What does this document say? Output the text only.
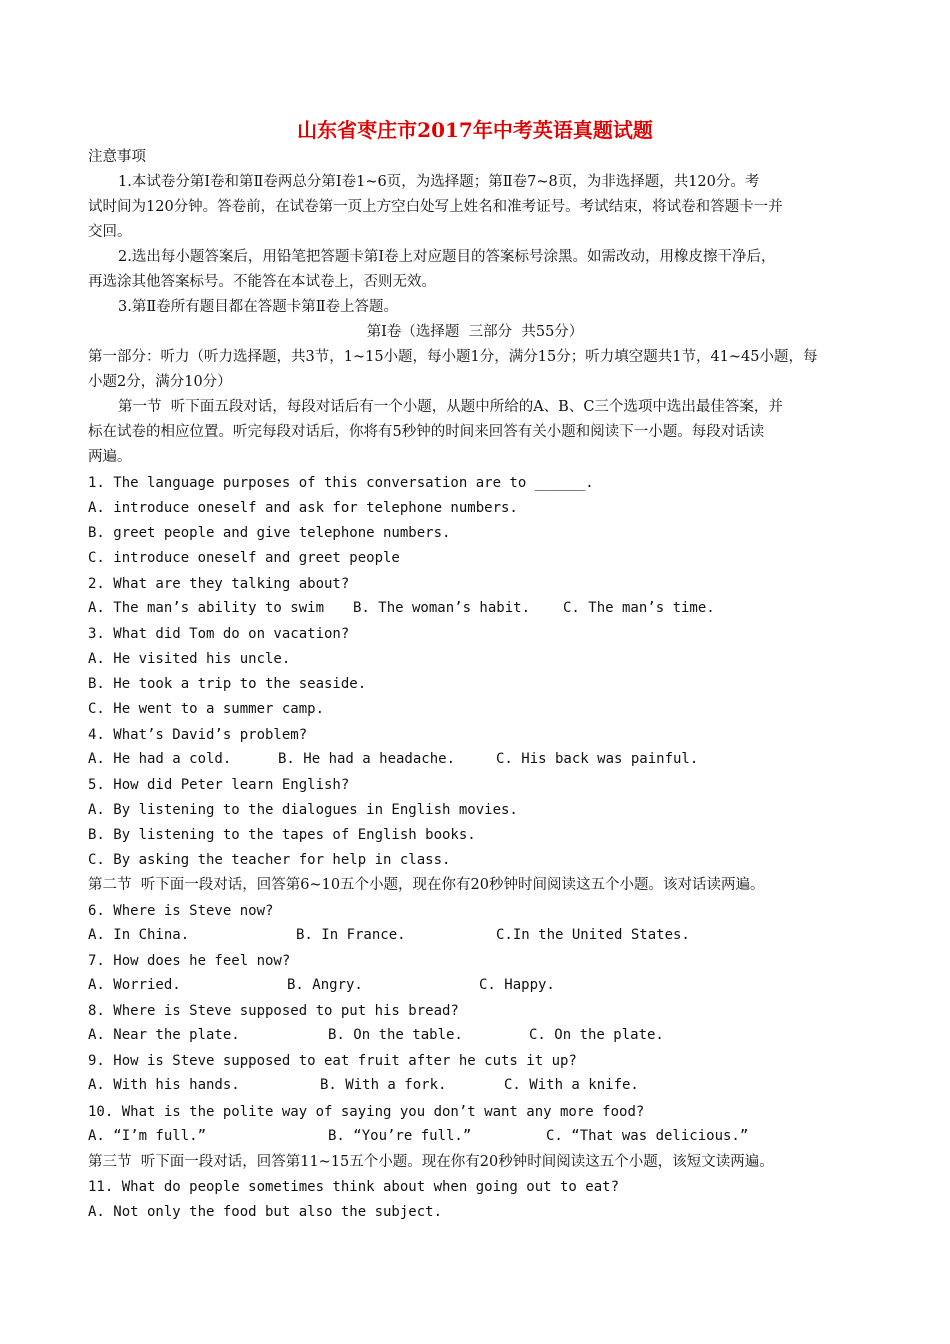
山东省枣庄市2017年中考英语真题试题
注意事项
1.本试卷分第Ⅰ卷和第Ⅱ卷两总分第Ⅰ卷1~6页，为选择题；第Ⅱ卷7~8页，为非选择题，共120分。考
试时间为120分钟。答卷前，在试卷第一页上方空白处写上姓名和准考证号。考试结束，将试卷和答题卡一并
交回。
2.选出每小题答案后，用铅笔把答题卡第Ⅰ卷上对应题目的答案标号涂黑。如需改动，用橡皮擦干净后，
再选涂其他答案标号。不能答在本试卷上，否则无效。
3.第Ⅱ卷所有题目都在答题卡第Ⅱ卷上答题。
第Ⅰ卷（选择题  三部分  共55分）
第一部分：听力（听力选择题，共3节，1~15小题，每小题1分，满分15分；听力填空题共1节，41~45小题，每
小题2分，满分10分）
第一节  听下面五段对话，每段对话后有一个小题，从题中所给的A、B、C三个选项中选出最佳答案，并
标在试卷的相应位置。听完每段对话后，你将有5秒钟的时间来回答有关小题和阅读下一小题。每段对话读
两遍。
1. The language purposes of this conversation are to ______.
A. introduce oneself and ask for telephone numbers.
B. greet people and give telephone numbers.
C. introduce oneself and greet people
2. What are they talking about?
A. The man’s ability to swim B. The woman’s habit. C. The man’s time.
3. What did Tom do on vacation?
A. He visited his uncle.
B. He took a trip to the seaside.
C. He went to a summer camp.
4. What’s David’s problem?
A. He had a cold.	B. He had a headache.	C. His back was painful.
5. How did Peter learn English?
A. By listening to the dialogues in English movies.
B. By listening to the tapes of English books.
C. By asking the teacher for help in class.
第二节  听下面一段对话，回答第6~10五个小题，现在你有20秒钟时间阅读这五个小题。该对话读两遍。
6. Where is Steve now?
A. In China.	B. In France.	C.In the United States.
7. How does he feel now?
A. Worried.	B. Angry.	C. Happy.
8. Where is Steve supposed to put his bread?
A. Near the plate.	B. On the table.	C. On the plate.
9. How is Steve supposed to eat fruit after he cuts it up?
A. With his hands.	B. With a fork.	C. With a knife.
10. What is the polite way of saying you don’t want any more food?
A. “I’m full.”	B. “You’re full.”	C. “That was delicious.”
第三节  听下面一段对话，回答第11~15五个小题。现在你有20秒钟时间阅读这五个小题，该短文读两遍。
11. What do people sometimes think about when going out to eat?
A. Not only the food but also the subject.
